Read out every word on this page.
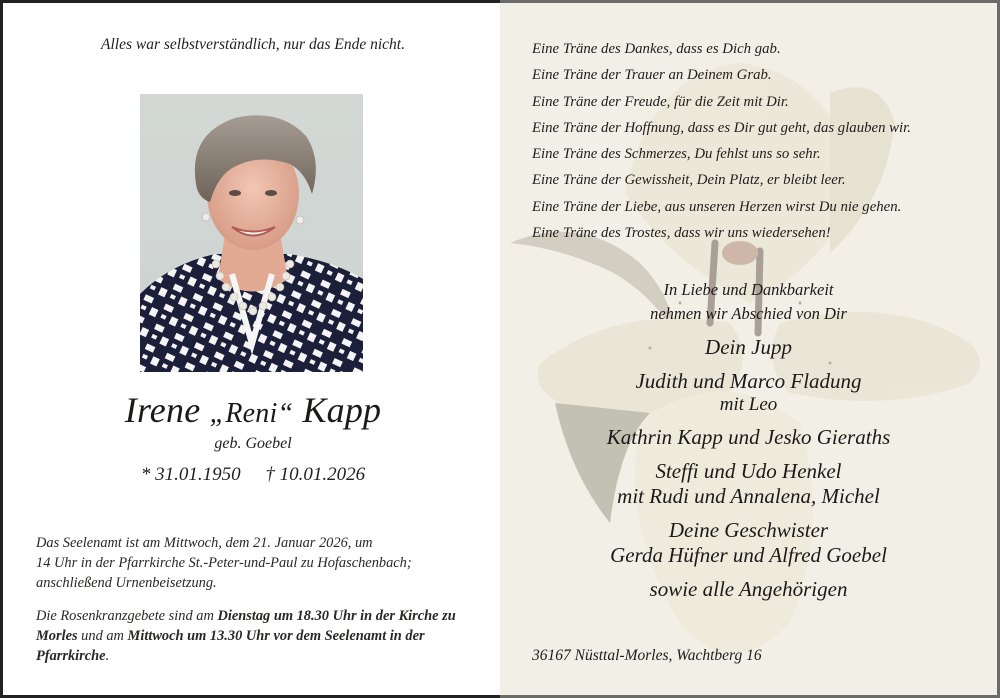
Alles war selbstverständlich, nur das Ende nicht.
Irene „Reni“ Kapp
geb. Goebel
* 31.01.1950 † 10.01.2026
Das Seelenamt ist am Mittwoch, dem 21. Januar 2026, um
14 Uhr in der Pfarrkirche St.-Peter-und-Paul zu Hofaschenbach;
anschließend Urnenbeisetzung.
Die Rosenkranzgebete sind am Dienstag um 18.30 Uhr in der Kirche zu Morles und am Mittwoch um 13.30 Uhr vor dem Seelenamt in der Pfarrkirche.
Eine Träne des Dankes, dass es Dich gab.
Eine Träne der Trauer an Deinem Grab.
Eine Träne der Freude, für die Zeit mit Dir.
Eine Träne der Hoffnung, dass es Dir gut geht, das glauben wir.
Eine Träne des Schmerzes, Du fehlst uns so sehr.
Eine Träne der Gewissheit, Dein Platz, er bleibt leer.
Eine Träne der Liebe, aus unseren Herzen wirst Du nie gehen.
Eine Träne des Trostes, dass wir uns wiedersehen!
In Liebe und Dankbarkeit
nehmen wir Abschied von Dir
Dein Jupp
Judith und Marco Fladung
mit Leo
Kathrin Kapp und Jesko Gieraths
Steffi und Udo Henkel
mit Rudi und Annalena, Michel
Deine Geschwister
Gerda Hüfner und Alfred Goebel
sowie alle Angehörigen
36167 Nüsttal-Morles, Wachtberg 16
